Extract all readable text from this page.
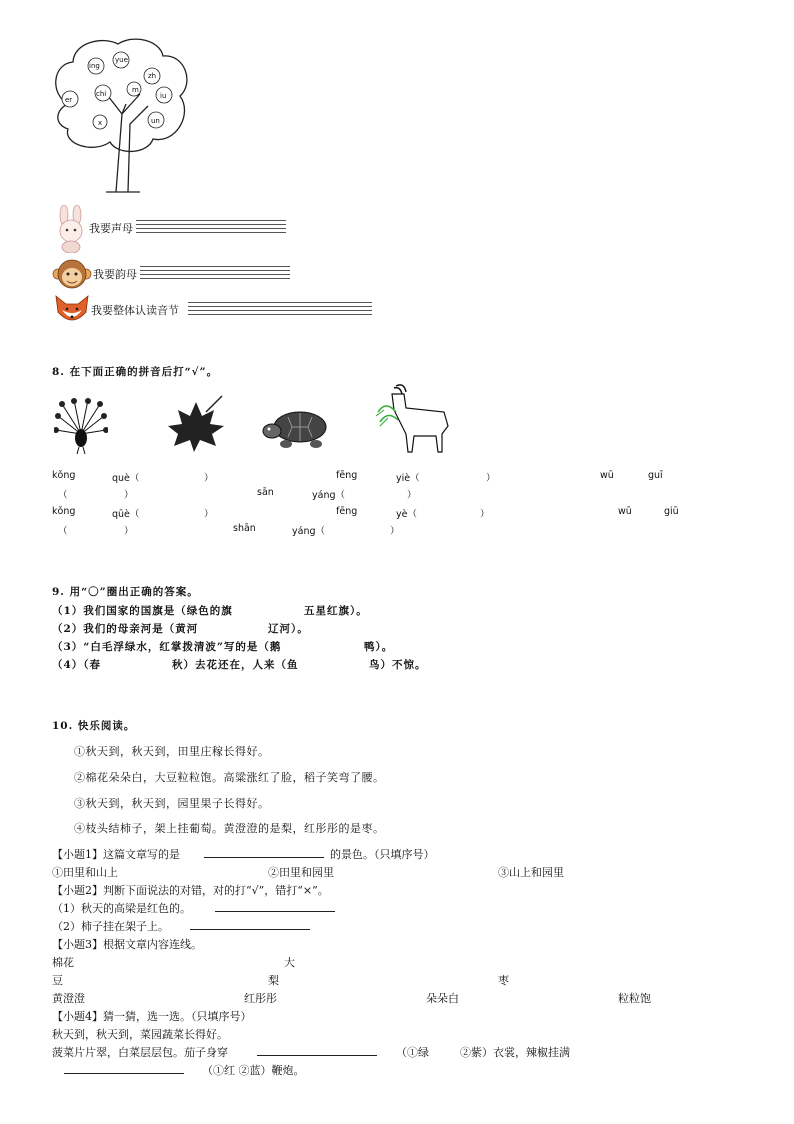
ing
yue
zh
er
chi	m
iu
x	un
我要声母
我要韵母
我要整体认读音节
8. 在下面正确的拼音后打“√”。
kǒng	què（	）	fēng	yiè（	）	wū	guī
（	）	sān	yáng（	）
kǒng	qūè（	）	fēng	yè（	）	wū	giū
（	）	shān	yáng（	）
9. 用“〇”圈出正确的答案。
（1）我们国家的国旗是（绿色的旗	五星红旗）。
（2）我们的母亲河是（黄河	辽河）。
（3）“白毛浮绿水，红掌拨清波”写的是（鹅	鸭）。
（4）（春	秋）去花还在，人来（鱼	鸟）不惊。
10. 快乐阅读。
①秋天到，秋天到，田里庄稼长得好。
②棉花朵朵白，大豆粒粒饱。高粱涨红了脸，稻子笑弯了腰。
③秋天到，秋天到，园里果子长得好。
④枝头结柿子，架上挂葡萄。黄澄澄的是梨，红彤彤的是枣。
【小题1】这篇文章写的是	的景色。（只填序号）
①田里和山上	②田里和园里	③山上和园里
【小题2】判断下面说法的对错，对的打“√”，错打“×”。
（1）秋天的高梁是红色的。
（2）柿子挂在架子上。
【小题3】根据文章内容连线。
棉花	大
豆	梨	枣
黄澄澄	红彤彤	朵朵白	粒粒饱
【小题4】猜一猜，选一选。（只填序号）
秋天到，秋天到，菜园蔬菜长得好。
菠菜片片翠，白菜层层包。茄子身穿	（①绿	②紫）衣裳，辣椒挂满
（①红 ②蓝）鞭炮。
